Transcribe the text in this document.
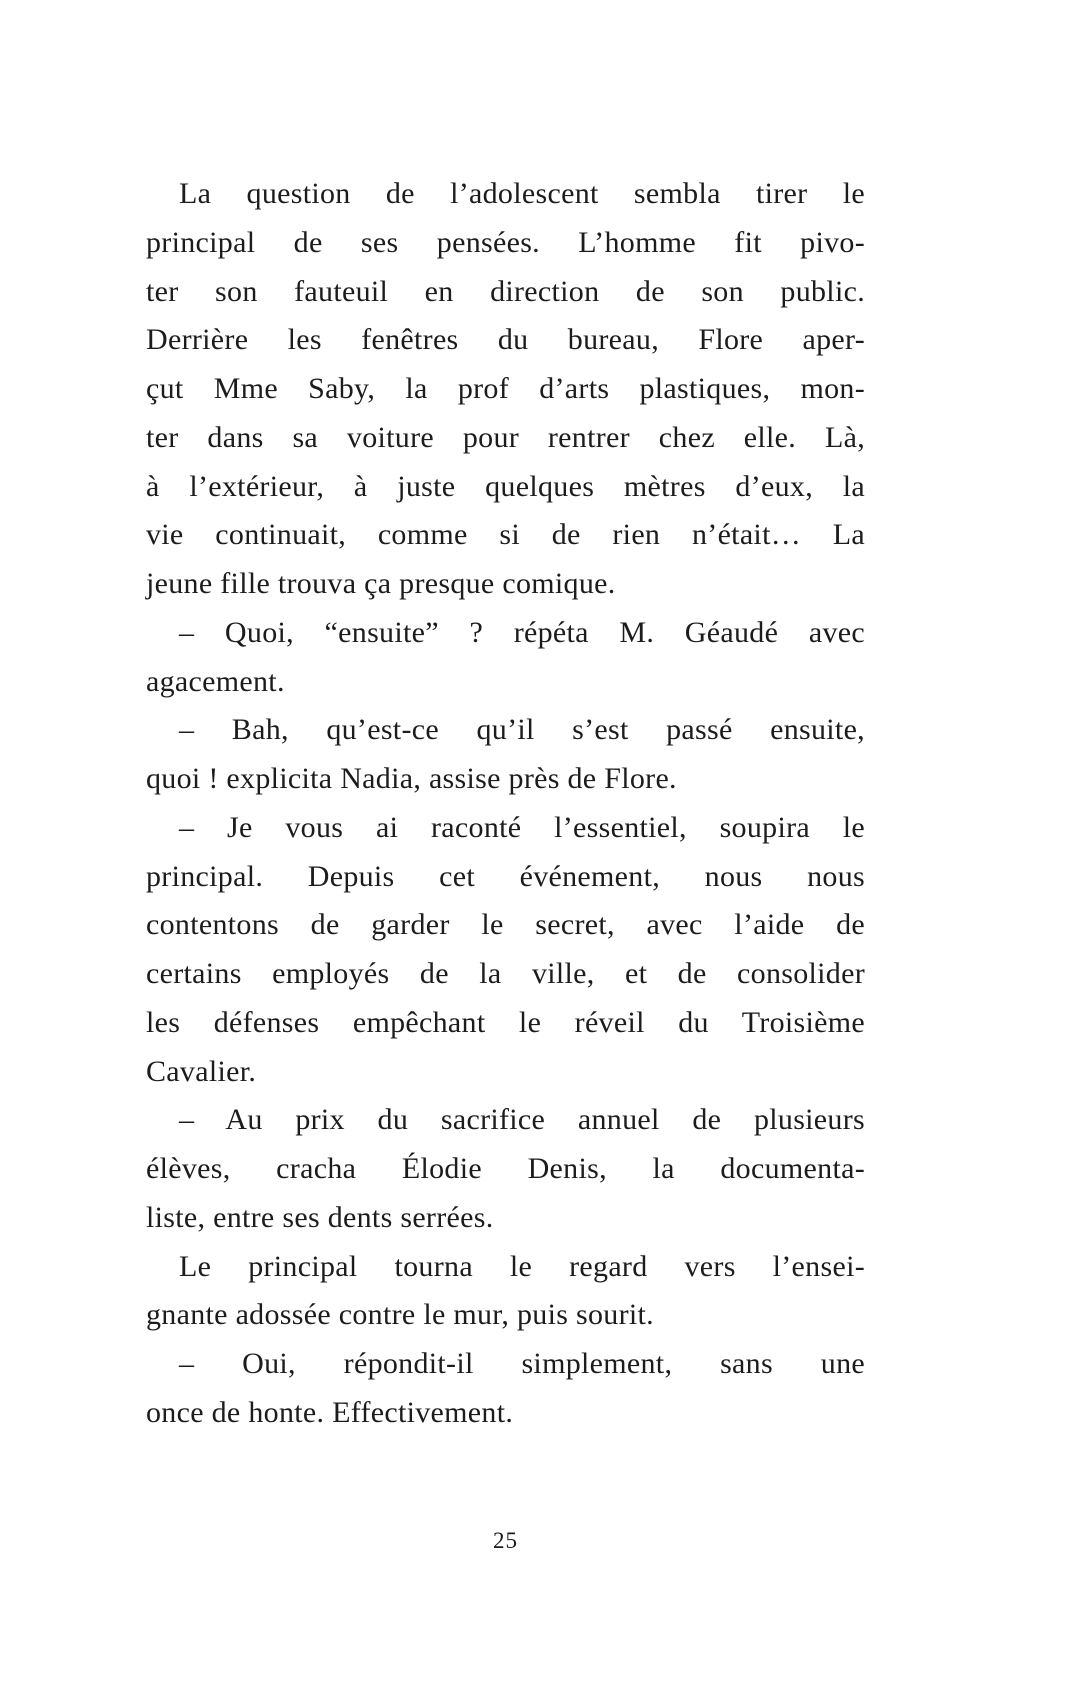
La question de l’adolescent sembla tirer le
principal de ses pensées. L’homme fit pivo-
ter son fauteuil en direction de son public.
Derrière les fenêtres du bureau, Flore aper-
çut Mme Saby, la prof d’arts plastiques, mon-
ter dans sa voiture pour rentrer chez elle. Là,
à l’extérieur, à juste quelques mètres d’eux, la
vie continuait, comme si de rien n’était… La
jeune fille trouva ça presque comique.
– Quoi, “ensuite” ? répéta M. Géaudé avec
agacement.
– Bah, qu’est-ce qu’il s’est passé ensuite,
quoi ! explicita Nadia, assise près de Flore.
– Je vous ai raconté l’essentiel, soupira le
principal. Depuis cet événement, nous nous
contentons de garder le secret, avec l’aide de
certains employés de la ville, et de consolider
les défenses empêchant le réveil du Troisième
Cavalier.
– Au prix du sacrifice annuel de plusieurs
élèves, cracha Élodie Denis, la documenta-
liste, entre ses dents serrées.
Le principal tourna le regard vers l’ensei-
gnante adossée contre le mur, puis sourit.
– Oui, répondit-il simplement, sans une
once de honte. Effectivement.
25
